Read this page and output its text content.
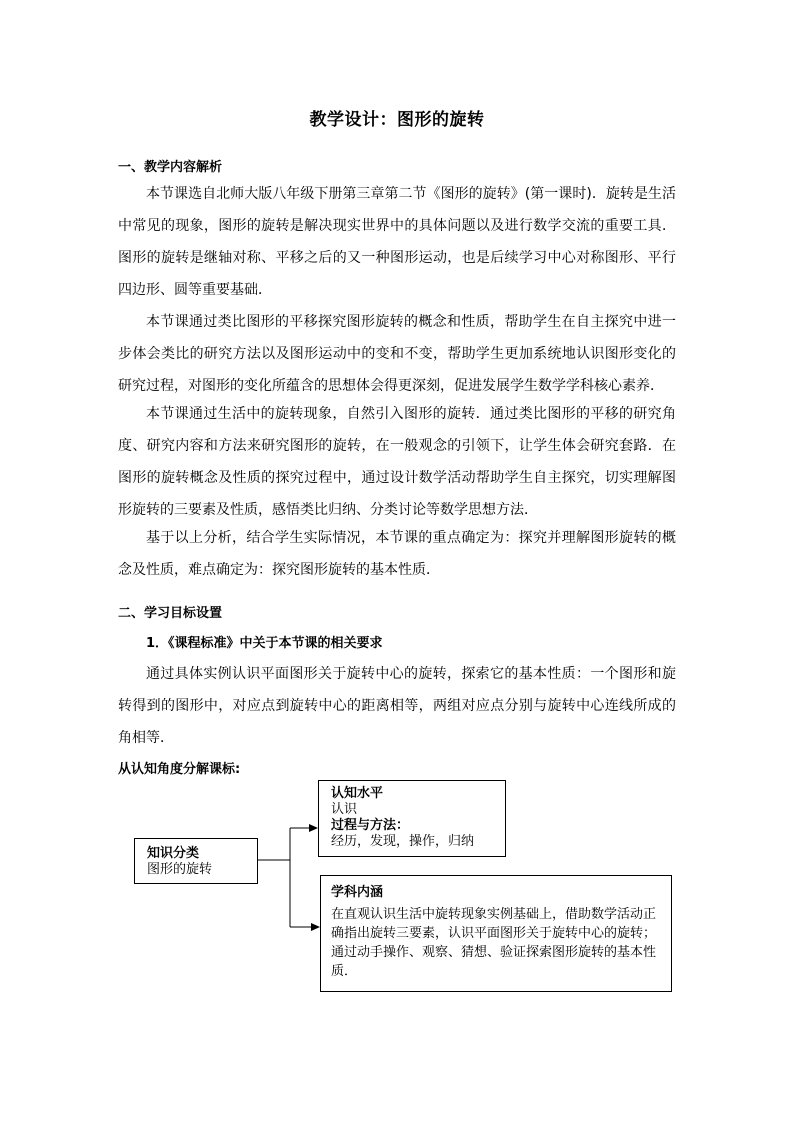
教学设计：图形的旋转
一、教学内容解析

本节课选自北师大版八年级下册第三章第二节《图形的旋转》(第一课时)．旋转是生活中常见的现象，图形的旋转是解决现实世界中的具体问题以及进行数学交流的重要工具．图形的旋转是继轴对称、平移之后的又一种图形运动，也是后续学习中心对称图形、平行四边形、圆等重要基础．

本节课通过类比图形的平移探究图形旋转的概念和性质，帮助学生在自主探究中进一步体会类比的研究方法以及图形运动中的变和不变，帮助学生更加系统地认识图形变化的研究过程，对图形的变化所蕴含的思想体会得更深刻，促进发展学生数学学科核心素养．

本节课通过生活中的旋转现象，自然引入图形的旋转．通过类比图形的平移的研究角度、研究内容和方法来研究图形的旋转，在一般观念的引领下，让学生体会研究套路．在图形的旋转概念及性质的探究过程中，通过设计数学活动帮助学生自主探究，切实理解图形旋转的三要素及性质，感悟类比归纳、分类讨论等数学思想方法．

基于以上分析，结合学生实际情况，本节课的重点确定为：探究并理解图形旋转的概念及性质，难点确定为：探究图形旋转的基本性质．

二、学习目标设置
1．《课程标准》中关于本节课的相关要求

通过具体实例认识平面图形关于旋转中心的旋转，探索它的基本性质：一个图形和旋转得到的图形中，对应点到旋转中心的距离相等，两组对应点分别与旋转中心连线所成的角相等．

从认知角度分解课标:
知识分类
图形的旋转
认知水平
认识
过程与方法：
经历，发现，操作，归纳
学科内涵
在直观认识生活中旋转现象实例基础上，借助数学活动正确指出旋转三要素，认识平面图形关于旋转中心的旋转；通过动手操作、观察、猜想、验证探索图形旋转的基本性质．
